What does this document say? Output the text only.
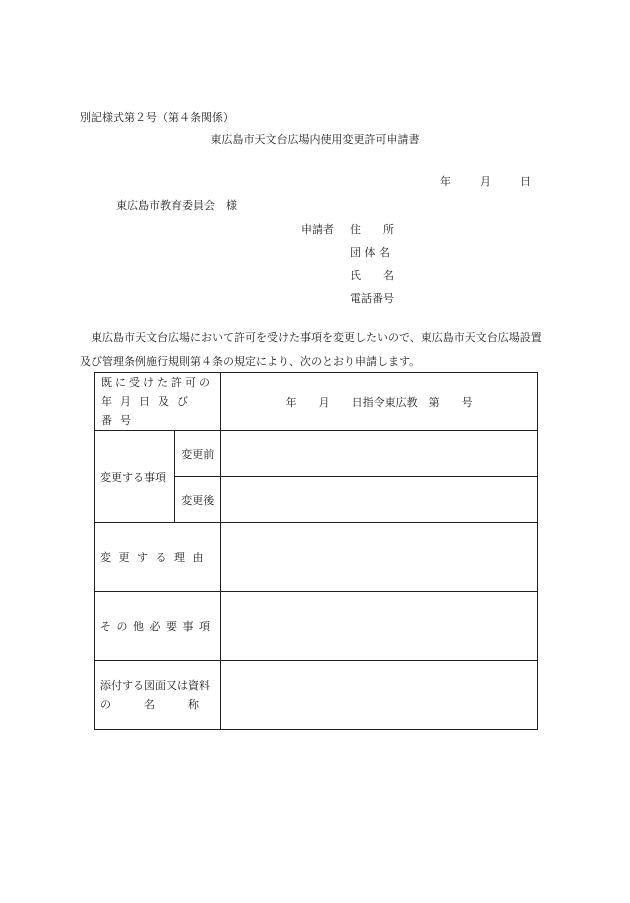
別記様式第２号（第４条関係）
東広島市天文台広場内使用変更許可申請書
年	月	日
東広島市教育委員会　様
申請者 住　　所
団 体 名
氏　　名
電話番号
東広島市天文台広場において許可を受けた事項を変更したいので、東広島市天文台広場設置及び管理条例施行規則第４条の規定により、次のとおり申請します。
既に受けた許可の
年月日及び番号		年　　月　　日指令東広教　第　　号
変更する事項	変更前	
	変更後	
変 更 す る 理 由		
そ の 他 必 要 事 項		

添付する図面又は資料
の　　　名　　　称		
